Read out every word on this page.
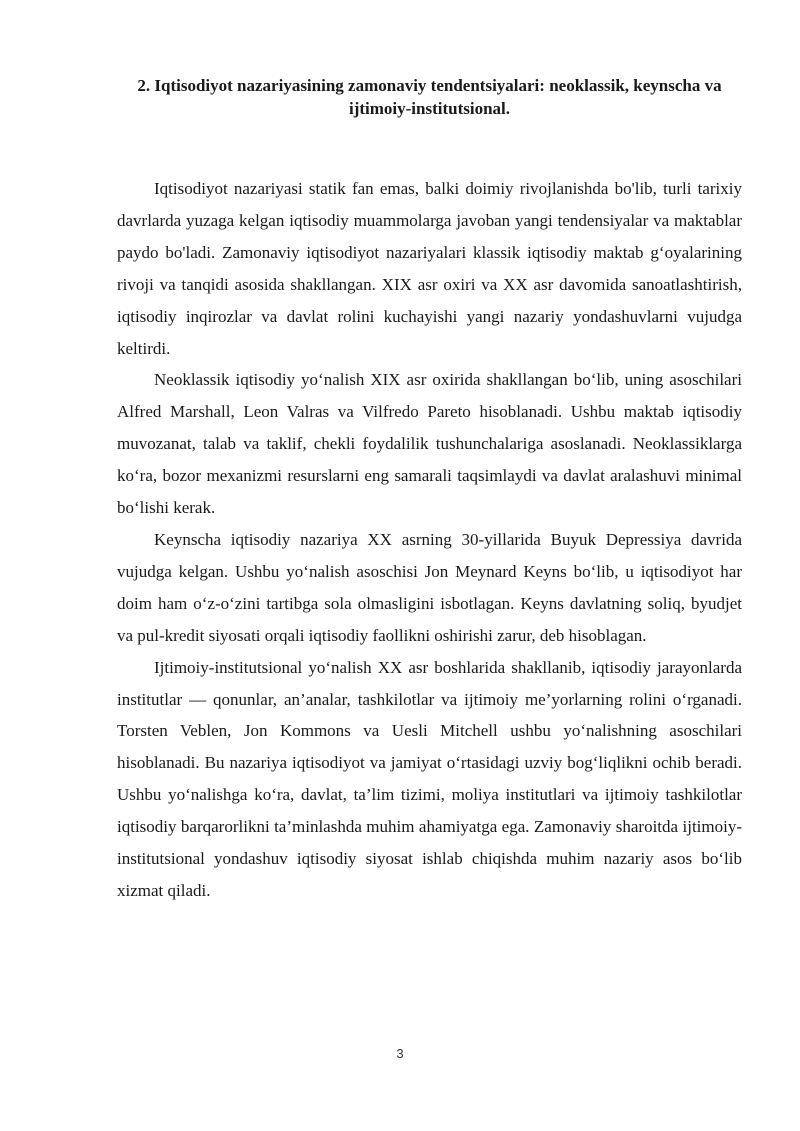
2. Iqtisodiyot nazariyasining zamonaviy tendentsiyalari: neoklassik, keynscha va ijtimoiy-institutsional.

Iqtisodiyot nazariyasi statik fan emas, balki doimiy rivojlanishda bo'lib, turli tarixiy davrlarda yuzaga kelgan iqtisodiy muammolarga javoban yangi tendensiyalar va maktablar paydo bo'ladi. Zamonaviy iqtisodiyot nazariyalari klassik iqtisodiy maktab g‘oyalarining rivoji va tanqidi asosida shakllangan. XIX asr oxiri va XX asr davomida sanoatlashtirish, iqtisodiy inqirozlar va davlat rolini kuchayishi yangi nazariy yondashuvlarni vujudga keltirdi.

Neoklassik iqtisodiy yo‘nalish XIX asr oxirida shakllangan bo‘lib, uning asoschilari Alfred Marshall, Leon Valras va Vilfredo Pareto hisoblanadi. Ushbu maktab iqtisodiy muvozanat, talab va taklif, chekli foydalilik tushunchalariga asoslanadi. Neoklassiklarga ko‘ra, bozor mexanizmi resurslarni eng samarali taqsimlaydi va davlat aralashuvi minimal bo‘lishi kerak.

Keynscha iqtisodiy nazariya XX asrning 30-yillarida Buyuk Depressiya davrida vujudga kelgan. Ushbu yo‘nalish asoschisi Jon Meynard Keyns bo‘lib, u iqtisodiyot har doim ham o‘z-o‘zini tartibga sola olmasligini isbotlagan. Keyns davlatning soliq, byudjet va pul-kredit siyosati orqali iqtisodiy faollikni oshirishi zarur, deb hisoblagan.

Ijtimoiy-institutsional yo‘nalish XX asr boshlarida shakllanib, iqtisodiy jarayonlarda institutlar — qonunlar, an’analar, tashkilotlar va ijtimoiy me’yorlarning rolini o‘rganadi. Torsten Veblen, Jon Kommons va Uesli Mitchell ushbu yo‘nalishning asoschilari hisoblanadi. Bu nazariya iqtisodiyot va jamiyat o‘rtasidagi uzviy bog‘liqlikni ochib beradi. Ushbu yo‘nalishga ko‘ra, davlat, ta’lim tizimi, moliya institutlari va ijtimoiy tashkilotlar iqtisodiy barqarorlikni ta’minlashda muhim ahamiyatga ega. Zamonaviy sharoitda ijtimoiy-institutsional yondashuv iqtisodiy siyosat ishlab chiqishda muhim nazariy asos bo‘lib xizmat qiladi.

3
